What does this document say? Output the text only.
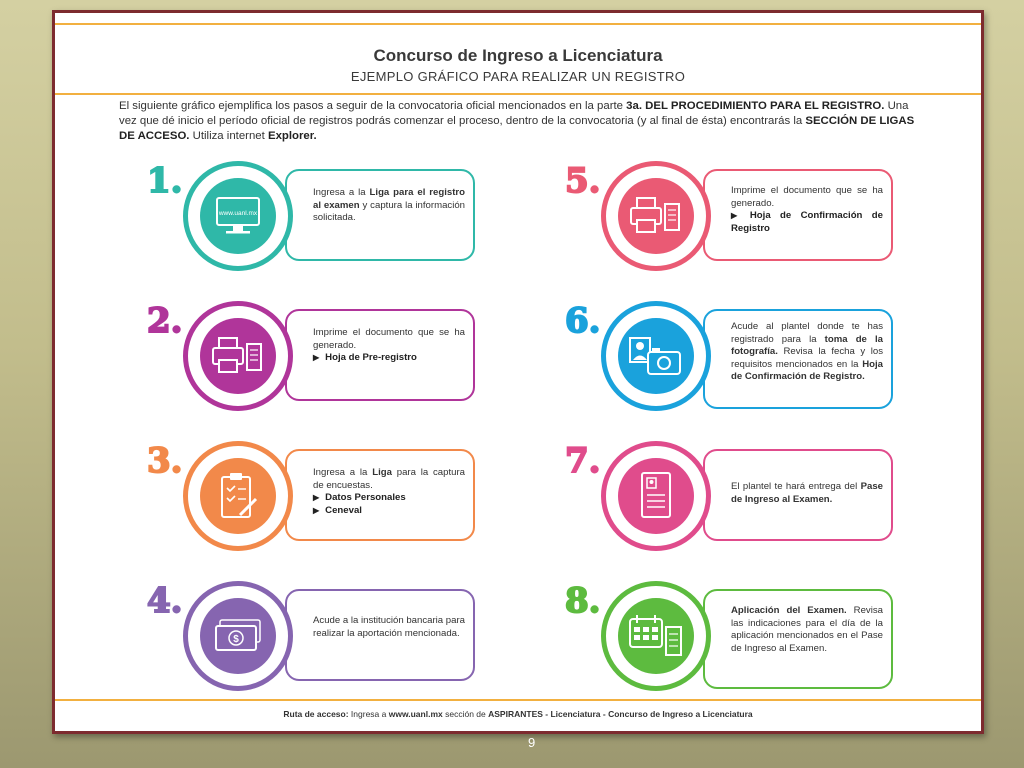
Concurso de Ingreso a Licenciatura
EJEMPLO GRÁFICO PARA REALIZAR UN REGISTRO
El siguiente gráfico ejemplifica los pasos a seguir de la convocatoria oficial mencionados en la parte 3a. DEL PROCEDIMIENTO PARA EL REGISTRO. Una vez que dé inicio el período oficial de registros podrás comenzar el proceso, dentro de la convocatoria (y al final de ésta) encontrarás la SECCIÓN DE LIGAS DE ACCESO. Utiliza internet Explorer.
1.	Ingresa a la Liga para el registro al examen y captura la información solicitada.
www.uanl.mx
2.	Imprime el documento que se ha generado.
▶ Hoja de Pre-registro
3.	Ingresa a la Liga para la captura de encuestas.
▶ Datos Personales
▶ Ceneval
4.	Acude a la institución bancaria para realizar la aportación mencionada.
$
5.	Imprime el documento que se ha generado.
▶ Hoja de Confirmación de Registro
6.	Acude al plantel donde te has registrado para la toma de la fotografía. Revisa la fecha y los requisitos mencionados en la Hoja de Confirmación de Registro.
7.
El plantel te hará entrega del Pase de Ingreso al Examen.
8.	Aplicación del Examen. Revisa las indicaciones para el día de la aplicación mencionados en el Pase de Ingreso al Examen.
Ruta de acceso: Ingresa a www.uanl.mx sección de ASPIRANTES - Licenciatura - Concurso de Ingreso a Licenciatura
9
